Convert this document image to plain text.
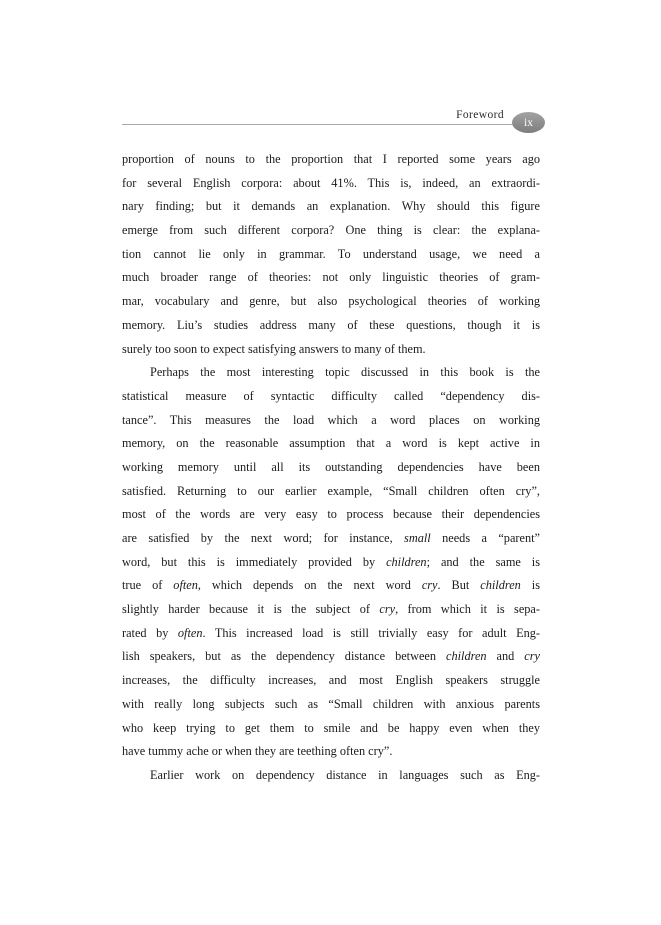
Foreword
ix
proportion of nouns to the proportion that I reported some years ago
for several English corpora: about 41%. This is, indeed, an extraordi-
nary finding; but it demands an explanation. Why should this figure
emerge from such different corpora? One thing is clear: the explana-
tion cannot lie only in grammar. To understand usage, we need a
much broader range of theories: not only linguistic theories of gram-
mar, vocabulary and genre, but also psychological theories of working
memory. Liu’s studies address many of these questions, though it is
surely too soon to expect satisfying answers to many of them.
Perhaps the most interesting topic discussed in this book is the
statistical measure of syntactic difficulty called “dependency dis-
tance”. This measures the load which a word places on working
memory, on the reasonable assumption that a word is kept active in
working memory until all its outstanding dependencies have been
satisfied. Returning to our earlier example, “Small children often cry”,
most of the words are very easy to process because their dependencies
are satisfied by the next word; for instance, small needs a “parent”
word, but this is immediately provided by children; and the same is
true of often, which depends on the next word cry. But children is
slightly harder because it is the subject of cry, from which it is sepa-
rated by often. This increased load is still trivially easy for adult Eng-
lish speakers, but as the dependency distance between children and cry
increases, the difficulty increases, and most English speakers struggle
with really long subjects such as “Small children with anxious parents
who keep trying to get them to smile and be happy even when they
have tummy ache or when they are teething often cry”.
Earlier work on dependency distance in languages such as Eng-
